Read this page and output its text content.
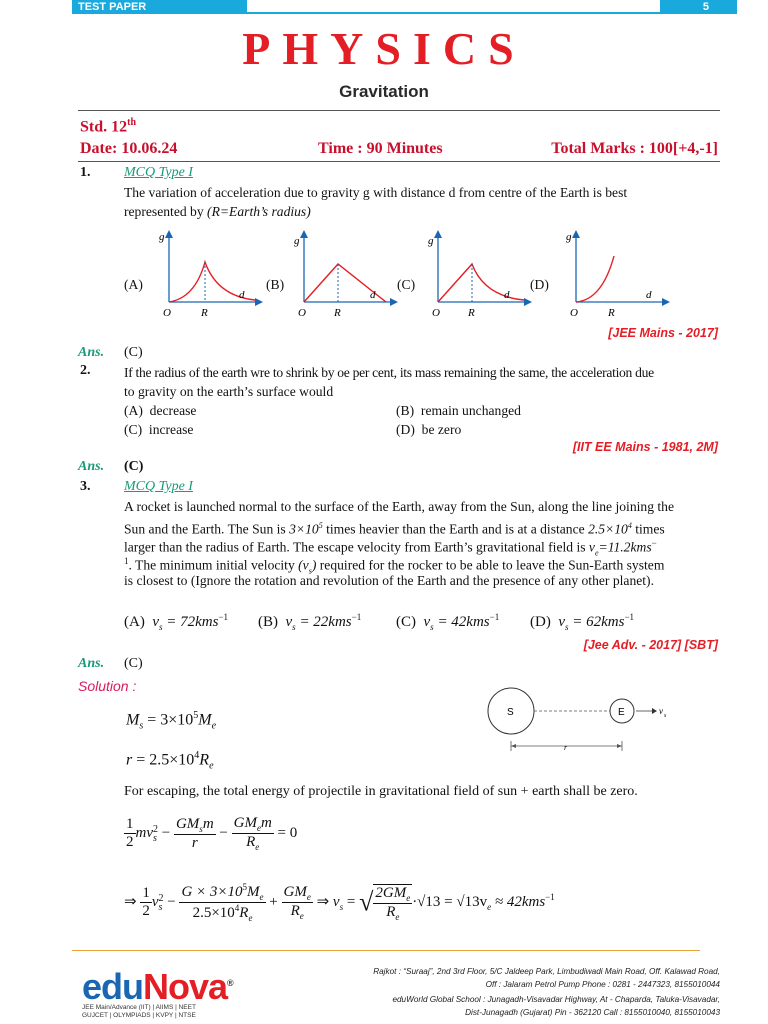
TEST PAPER	5
PHYSICS
Gravitation
Std. 12th
Date: 10.06.24	Time : 90 Minutes	Total Marks : 100[+4,-1]
1. MCQ Type I
The variation of acceleration due to gravity g with distance d from centre of the Earth is best
represented by (R=Earth’s radius)
(A)	(B)	(C)	(D)
g
d
O	R
g
d
O	R
g
d
O	R
g
d
O	R
[JEE Mains - 2017]
Ans. (C)
2. If the radius of the earth wre to shrink by oe per cent, its mass remaining the same, the acceleration due
to gravity on the earth’s surface would
(A) decrease	(B) remain unchanged
(C) increase	(D) be zero
[IIT EE Mains - 1981, 2M]
Ans. (C)
3. MCQ Type I
A rocket is launched normal to the surface of the Earth, away from the Sun, along the line joining the
Sun and the Earth. The Sun is $3\times 10^5$ times heavier than the Earth and is at a distance $2.5\times 10^4$ times
larger than the radius of Earth. The escape velocity from Earth’s gravitational field is $v_e=11.2kms^-$
$^1$. The minimum initial velocity $(v_s)$ required for the rocker to be able to leave the Sun-Earth system
is closest to (Ignore the rotation and revolution of the Earth and the presence of any other planet).
(A) $v_s = 72kms^{-1}$ (B) $v_s = 22kms^{-1}$ (C) $v_s = 42kms^{-1}$ (D) $v_s = 62kms^{-1}$
[Jee Adv. - 2017] [SBT]
Ans. (C)
Solution :
$M_s = 3\times 10^5M_e$
$r = 2.5\times 10^4R_e$
S	E	v s
r
For escaping, the total energy of projectile in gravitational field of sun + earth shall be zero.
$\frac{1}{2}$ mv 2
$s - \frac{GM_sm}{r} - \frac{GM_em}{R_e} = 0$
⇒ $\frac{1}{2}$ v 2
$s - \frac{G \times 3\times 10^5M_e}{2.5\times 10^4R_e} + \frac{GM_e}{R_e}$ ⇒ $v_s$ = √ $\frac{2GM_e}{R_e} \cdot√13 = √13v_e \approx 42kms^{-1}$
eduNova®
JEE Main/Advance (IIT) | AIIMS | NEET
GUJCET | OLYMPIADS | KVPY | NTSE
Rajkot : “Suraaj”, 2nd 3rd Floor, 5/C Jaldeep Park, Limbudiwadi Main Road, Off. Kalawad Road,
Off : Jalaram Petrol Pump Phone : 0281 - 2447323, 8155010044
eduWorld Global School : Junagadh-Visavadar Highway, At - Chaparda, Taluka-Visavadar,
Dist-Junagadh (Gujarat) Pin - 362120 Call : 8155010040, 8155010043
